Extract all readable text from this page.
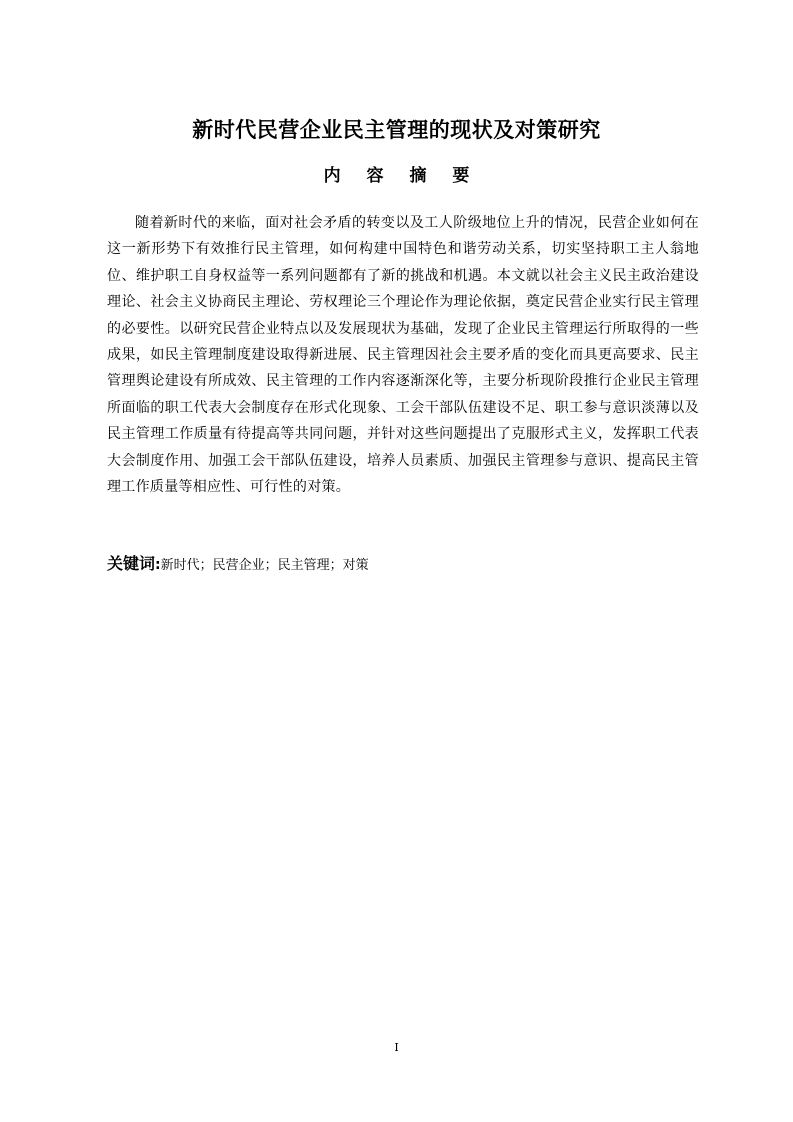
新时代民营企业民主管理的现状及对策研究
内 容 摘 要

随着新时代的来临，面对社会矛盾的转变以及工人阶级地位上升的情况，民营企业如何在这一新形势下有效推行民主管理，如何构建中国特色和谐劳动关系，切实坚持职工主人翁地位、维护职工自身权益等一系列问题都有了新的挑战和机遇。本文就以社会主义民主政治建设理论、社会主义协商民主理论、劳权理论三个理论作为理论依据，奠定民营企业实行民主管理的必要性。以研究民营企业特点以及发展现状为基础，发现了企业民主管理运行所取得的一些成果，如民主管理制度建设取得新进展、民主管理因社会主要矛盾的变化而具更高要求、民主管理舆论建设有所成效、民主管理的工作内容逐渐深化等，主要分析现阶段推行企业民主管理所面临的职工代表大会制度存在形式化现象、工会干部队伍建设不足、职工参与意识淡薄以及民主管理工作质量有待提高等共同问题，并针对这些问题提出了克服形式主义，发挥职工代表大会制度作用、加强工会干部队伍建设，培养人员素质、加强民主管理参与意识、提高民主管理工作质量等相应性、可行性的对策。

关键词:新时代；民营企业；民主管理；对策

I
